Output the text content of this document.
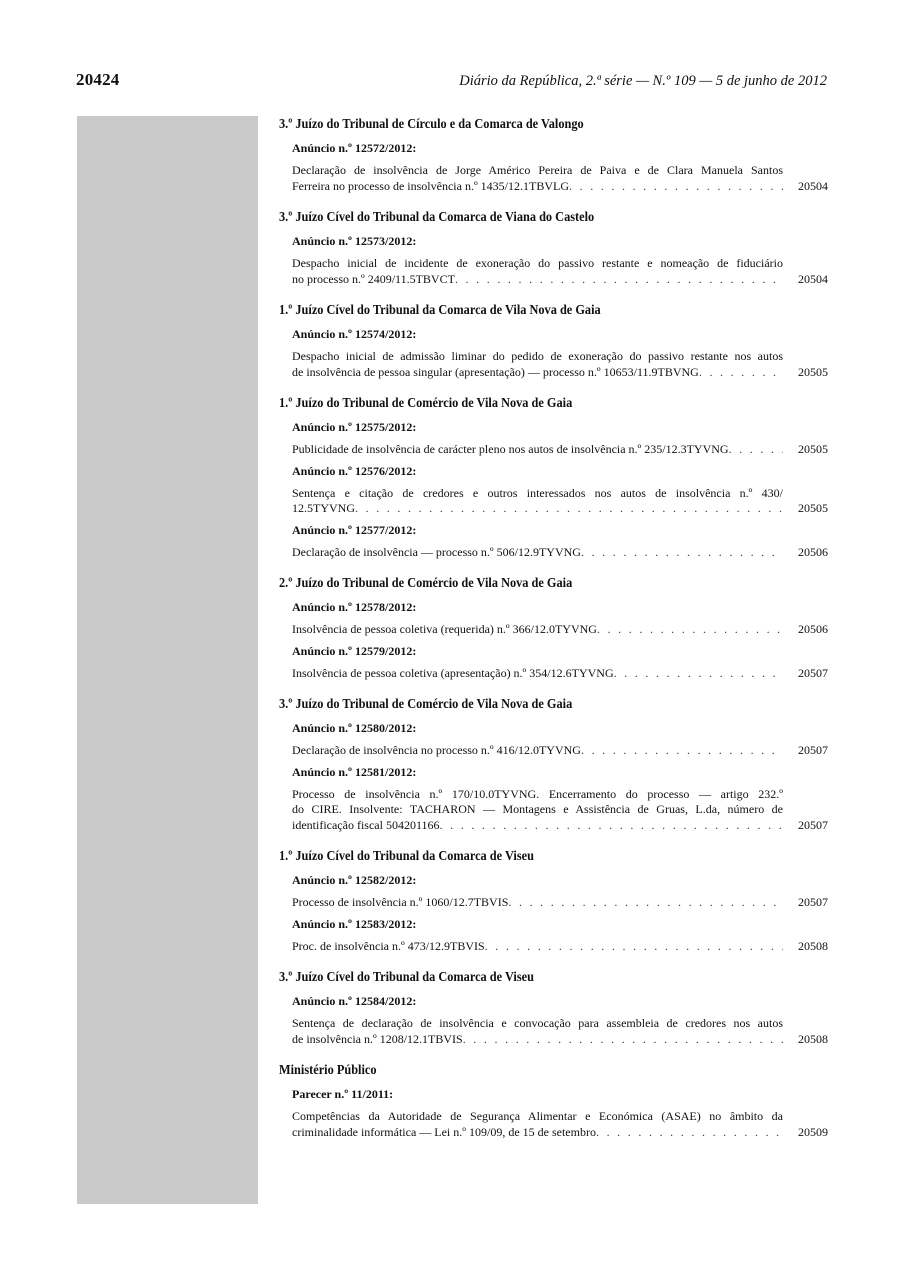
20424	Diário da República, 2.ª série — N.º 109 — 5 de junho de 2012
3.º Juízo do Tribunal de Círculo e da Comarca de Valongo
Anúncio n.º 12572/2012:
Declaração de insolvência de Jorge Américo Pereira de Paiva e de Clara Manuela Santos
Ferreira no processo de insolvência n.º 1435/12.1TBVLG . . .	20504
3.º Juízo Cível do Tribunal da Comarca de Viana do Castelo
Anúncio n.º 12573/2012:
Despacho inicial de incidente de exoneração do passivo restante e nomeação de fiduciário
no processo n.º 2409/11.5TBVCT . . .	20504
1.º Juízo Cível do Tribunal da Comarca de Vila Nova de Gaia
Anúncio n.º 12574/2012:
Despacho inicial de admissão liminar do pedido de exoneração do passivo restante nos autos
de insolvência de pessoa singular (apresentação) — processo n.º 10653/11.9TBVNG . . .	20505
1.º Juízo do Tribunal de Comércio de Vila Nova de Gaia
Anúncio n.º 12575/2012:
Publicidade de insolvência de carácter pleno nos autos de insolvência n.º 235/12.3TYVNG . . .	20505
Anúncio n.º 12576/2012:
Sentença e citação de credores e outros interessados nos autos de insolvência n.º 430/
12.5TYVNG . . .	20505
Anúncio n.º 12577/2012:
Declaração de insolvência — processo n.º 506/12.9TYVNG . . .	20506
2.º Juízo do Tribunal de Comércio de Vila Nova de Gaia
Anúncio n.º 12578/2012:
Insolvência de pessoa coletiva (requerida) n.º 366/12.0TYVNG . . .	20506
Anúncio n.º 12579/2012:
Insolvência de pessoa coletiva (apresentação) n.º 354/12.6TYVNG . . .	20507
3.º Juízo do Tribunal de Comércio de Vila Nova de Gaia
Anúncio n.º 12580/2012:
Declaração de insolvência no processo n.º 416/12.0TYVNG . . .	20507
Anúncio n.º 12581/2012:
Processo de insolvência n.º 170/10.0TYVNG. Encerramento do processo — artigo 232.º
do CIRE. Insolvente: TACHARON — Montagens e Assistência de Gruas, L.da, número de
identificação fiscal 504201166 . . .	20507
1.º Juízo Cível do Tribunal da Comarca de Viseu
Anúncio n.º 12582/2012:
Processo de insolvência n.º 1060/12.7TBVIS . . .	20507
Anúncio n.º 12583/2012:
Proc. de insolvência n.º 473/12.9TBVIS . . .	20508
3.º Juízo Cível do Tribunal da Comarca de Viseu
Anúncio n.º 12584/2012:
Sentença de declaração de insolvência e convocação para assembleia de credores nos autos
de insolvência n.º 1208/12.1TBVIS . . .	20508
Ministério Público
Parecer n.º 11/2011:
Competências da Autoridade de Segurança Alimentar e Económica (ASAE) no âmbito da
criminalidade informática — Lei n.º 109/09, de 15 de setembro . . .	20509
